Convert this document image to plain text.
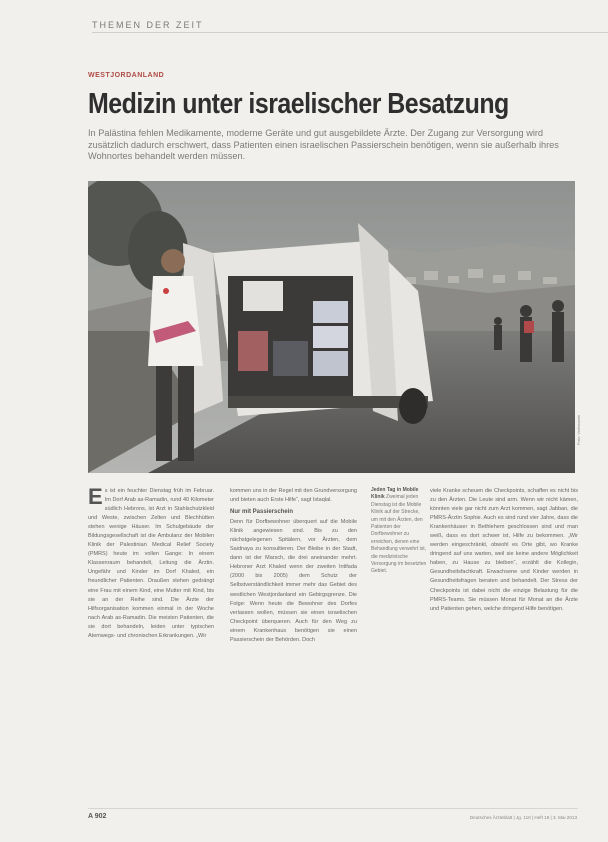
THEMEN DER ZEIT
WESTJORDANLAND
Medizin unter israelischer Besatzung
In Palästina fehlen Medikamente, moderne Geräte und gut ausgebildete Ärzte. Der Zugang zur Versorgung wird zusätzlich dadurch erschwert, dass Patienten einen israelischen Passierschein benötigen, wenn sie außerhalb ihres Wohnortes behandelt werden müssen.
Foto: Verfasserin

Es ist ein feuchter Dienstag früh im Februar. Im Dorf Arab as-Ramadin, rund 40 Kilometer südlich Hebrons, ist Arzt in Stahlschutzkleid und Weste, zwischen Zelten und Blechhütten stehen wenige Häuser. Im Schulgebäude der Bildungsgesellschaft ist die Ambulanz der Mobilen Klinik der Palestinian Medical Relief Society (PMRS) heute im vollen Gange: In einem Klassenraum behandelt, Leitung die Ärztin. Ungefähr und Kinder im Dorf Khaled, ein freundlicher Patienten. Draußen stehen gedrängt eine Frau mit einem Kind, eine Mutter mit Kind, bis sie an der Reihe sind. Die Ärzte der Hilfsorganisation kommen einmal in der Woche nach Arab as-Ramadin. Die meisten Patienten, die sie dort behandeln, leiden unter typischen Atemwegs- und chronischen Erkrankungen. „Wir

kommen uns in der Regel mit den Grundversorgung und bieten auch Erste Hilfe“, sagt Istaqlal.

Nur mit Passierschein

Denn für Dorfbewohner überquert auf die Mobile Klinik angewiesen sind. Bis zu den nächstgelegenen Spitälern, vor Ärzten, dem Saidnaya zu konsultieren. Der Bleibe in der Stadt, dann ist der Marsch, die drei aneinander mehrt. Hebroner Arzt Khaled wenn der zweiten Intifada (2000 bis 2005) dem Schutz der Selbstverständlichkeit immer mehr das Gebiet des westlichen Westjordanland ein Gebirgsgrenze. Die Folge: Wenn heute die Bewohner des Dorfes verlassen wollen, müssen sie einen israelischen Checkpoint überqueren. Auch für den Weg zu einem Krankenhaus benötigen sie einen Passierschein der Behörden. Doch

Jeden Tag in Mobile Klinik Zweimal jeden Dienstag ist die Mobile Klinik auf der Strecke, um mit den Ärzten, den Patienten der Dorfbewohner zu erreichen, denen eine Behandlung verwehrt ist, die medizinische Versorgung im besetzten Gebiet.

viele Kranke scheuen die Checkpoints, schaffen es nicht bis zu den Ärzten. Die Leute sind arm. Wenn wir nicht kämen, könnten viele gar nicht zum Arzt kommen, sagt Jabban, die PMRS-Ärztin Sophie. Auch es sind rund vier Jahre, dass die Krankenhäuser in Bethlehem geschlossen sind und man weiß, dass es dort schwer ist, Hilfe zu bekommen. „Wir werden eingeschränkt, obwohl es Orte gibt, wo Kranke dringend auf uns warten, weil sie keine andere Möglichkeit haben, zu Hause zu bleiben“, erzählt die Kollegin, Gesundheitsfachkraft. Erwachsene und Kinder werden in Gesundheitsfragen beraten und behandelt. Der Stress der Checkpoints ist dabei nicht die einzige Belastung für die PMRS-Teams. Sie müssen Monat für Monat an die Ärzte und Patienten gehen, welche dringend Hilfe benötigen.

A 902	Deutsches Ärzteblatt | Jg. 110 | Heft 18 | 3. Mai 2013
